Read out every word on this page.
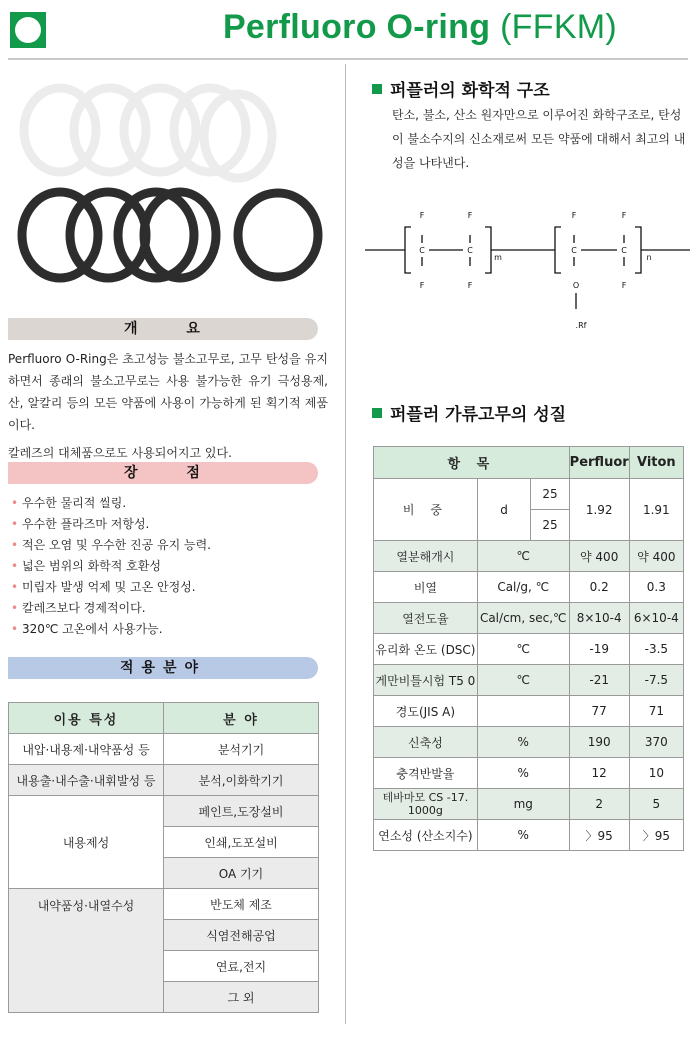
Perfluoro O-ring (FFKM)
개 요

Perfluoro O-Ring은 초고성능 불소고무로, 고무 탄성을 유지하면서 종래의 불소고무로는 사용 불가능한 유기 극성용제, 산, 알칼리 등의 모든 약품에 사용이 가능하게 된 획기적 제품이다.

칼레즈의 대체품으로도 사용되어지고 있다.

장 점
• 우수한 물리적 씰링.
• 우수한 플라즈마 저항성.
• 적은 오염 및 우수한 진공 유지 능력.
• 넓은 범위의 화학적 호환성
• 미립자 발생 억제 및 고온 안정성.
• 칼레즈보다 경제적이다.
• 320℃ 고온에서 사용가능.
적용분야
이용 특성	분 야
내압·내용제·내약품성 등	분석기기
내용출·내수출·내휘발성 등	분석,이화학기기
내용제성	페인트,도장설비
	인쇄,도포설비
	OA 기기
내약품성·내열수성	반도체 제조
	식염전해공업
	연료,전지
	그 외
퍼플러의 화학적 구조
탄소, 불소, 산소 원자만으로 이루어진 화학구조로, 탄성이 불소수지의 신소재로써 모든 약품에 대해서 최고의 내성을 나타낸다.
F	F	F	F
C	C	C	C
F	F	O	F
m	n
.Rf
퍼플러 가류고무의 성질
항 목			Perfluor	Viton
비 중	d	25	1.92	1.91
		25		
열분해개시	℃		약 400	약 400
비열	Cal/g, ℃		0.2	0.3
열전도율	Cal/cm, sec,℃		8×10-4	6×10-4
유리화 온도 (DSC)	℃		-19	-3.5
게만비틀시험 T5 0	℃		-21	-7.5
경도(JIS A)			77	71
신축성	%		190	370
충격반발율	%		12	10
테바마모 CS -17. 1000g	mg		2	5
연소성 (산소지수)	%		〉95	〉95
